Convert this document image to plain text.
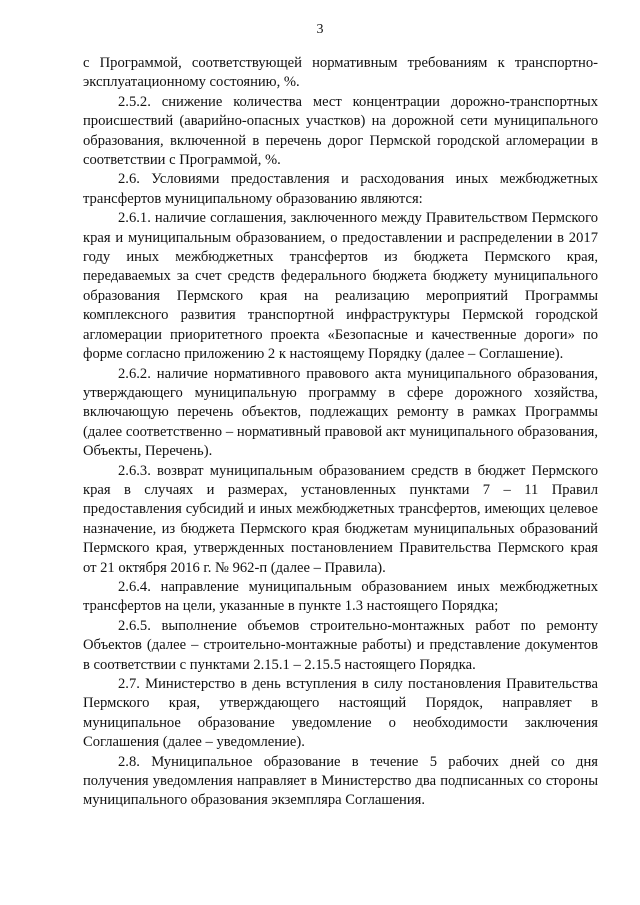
3

с Программой, соответствующей нормативным требованиям к транспортно-эксплуатационному состоянию, %.

2.5.2. снижение количества мест концентрации дорожно-транспортных происшествий (аварийно-опасных участков) на дорожной сети муниципального образования, включенной в перечень дорог Пермской городской агломерации в соответствии с Программой, %.

2.6. Условиями предоставления и расходования иных межбюджетных трансфертов муниципальному образованию являются:

2.6.1. наличие соглашения, заключенного между Правительством Пермского края и муниципальным образованием, о предоставлении и распределении в 2017 году иных межбюджетных трансфертов из бюджета Пермского края, передаваемых за счет средств федерального бюджета бюджету муниципального образования Пермского края на реализацию мероприятий Программы комплексного развития транспортной инфраструктуры Пермской городской агломерации приоритетного проекта «Безопасные и качественные дороги» по форме согласно приложению 2 к настоящему Порядку (далее – Соглашение).

2.6.2. наличие нормативного правового акта муниципального образования, утверждающего муниципальную программу в сфере дорожного хозяйства, включающую перечень объектов, подлежащих ремонту в рамках Программы (далее соответственно – нормативный правовой акт муниципального образования, Объекты, Перечень).

2.6.3. возврат муниципальным образованием средств в бюджет Пермского края в случаях и размерах, установленных пунктами 7 – 11 Правил предоставления субсидий и иных межбюджетных трансфертов, имеющих целевое назначение, из бюджета Пермского края бюджетам муниципальных образований Пермского края, утвержденных постановлением Правительства Пермского края от 21 октября 2016 г. № 962-п (далее – Правила).

2.6.4. направление муниципальным образованием иных межбюджетных трансфертов на цели, указанные в пункте 1.3 настоящего Порядка;

2.6.5. выполнение объемов строительно-монтажных работ по ремонту Объектов (далее – строительно-монтажные работы) и представление документов в соответствии с пунктами 2.15.1 – 2.15.5 настоящего Порядка.

2.7. Министерство в день вступления в силу постановления Правительства Пермского края, утверждающего настоящий Порядок, направляет в муниципальное образование уведомление о необходимости заключения Соглашения (далее – уведомление).

2.8. Муниципальное образование в течение 5 рабочих дней со дня получения уведомления направляет в Министерство два подписанных со стороны муниципального образования экземпляра Соглашения.
